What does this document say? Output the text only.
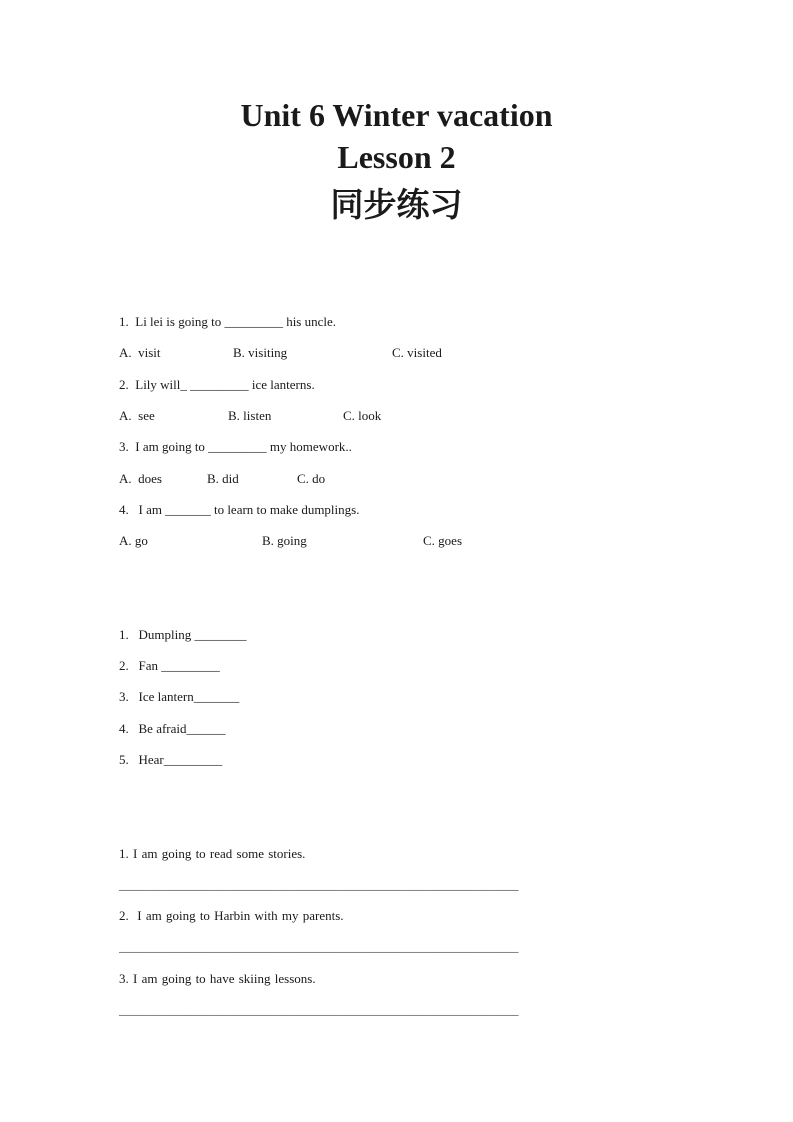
Unit 6 Winter vacation
Lesson 2
同步练习
1.  Li lei is going to _________ his uncle.

A.  visit

	B. visiting

	C. visited

2.  Lily will_ _________ ice lanterns.

A.  see

	B. listen

	C. look

3.  I am going to _________ my homework..

A.  does

	B. did

	C. do

4.   I am _______ to learn to make dumplings.

A. go

	B. going

	C. goes

1.   Dumpling ________
2.   Fan _________
3.   Ice lantern_______
4.   Be afraid______
5.   Hear_________
1. I am going to read some stories.
_____________________________________________________________
2.  I am going to Harbin with my parents.
_____________________________________________________________
3. I am going to have skiing lessons.
_____________________________________________________________
